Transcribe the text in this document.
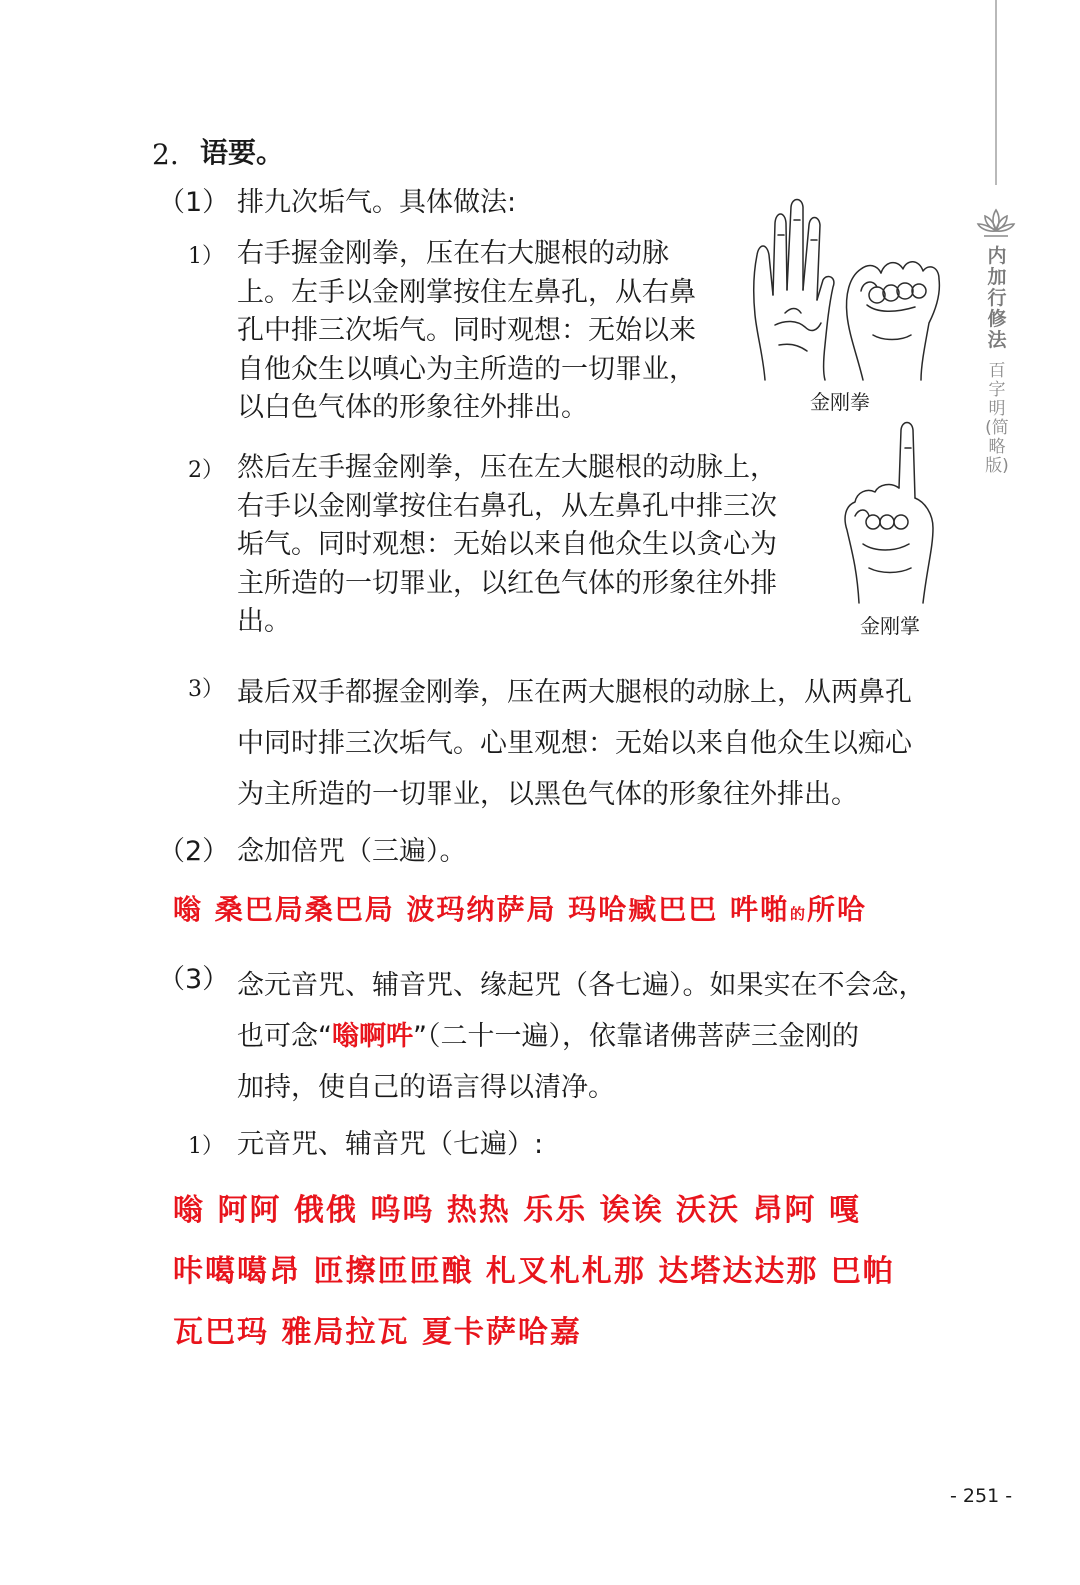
内加行修法
百字明(简略版)
2. 语要。
（1） 排九次垢气。具体做法:
1） 右手握金刚拳，压在右大腿根的动脉
上。左手以金刚掌按住左鼻孔，从右鼻
孔中排三次垢气。同时观想：无始以来
自他众生以嗔心为主所造的一切罪业，
以白色气体的形象往外排出。	金刚拳
2） 然后左手握金刚拳，压在左大腿根的动脉上，
右手以金刚掌按住右鼻孔，从左鼻孔中排三次
垢气。同时观想：无始以来自他众生以贪心为
主所造的一切罪业，以红色气体的形象往外排
出。	金刚掌
3） 最后双手都握金刚拳，压在两大腿根的动脉上，从两鼻孔
中同时排三次垢气。心里观想：无始以来自他众生以痴心
为主所造的一切罪业，以黑色气体的形象往外排出。
（2） 念加倍咒（三遍）。
嗡 桑巴局桑巴局 波玛纳萨局 玛哈臧巴巴 吽啪的所哈
（3） 念元音咒、辅音咒、缘起咒（各七遍）。如果实在不会念，
也可念“嗡啊吽”（二十一遍），依靠诸佛菩萨三金刚的
加持，使自己的语言得以清净。
1） 元音咒、辅音咒（七遍）:
嗡 阿阿 俄俄 呜呜 热热 乐乐 诶诶 沃沃 昂阿 嘎
咔噶噶昂 匝擦匝匝酿 札叉札札那 达塔达达那 巴帕
瓦巴玛 雅局拉瓦 夏卡萨哈嘉
- 251 -
